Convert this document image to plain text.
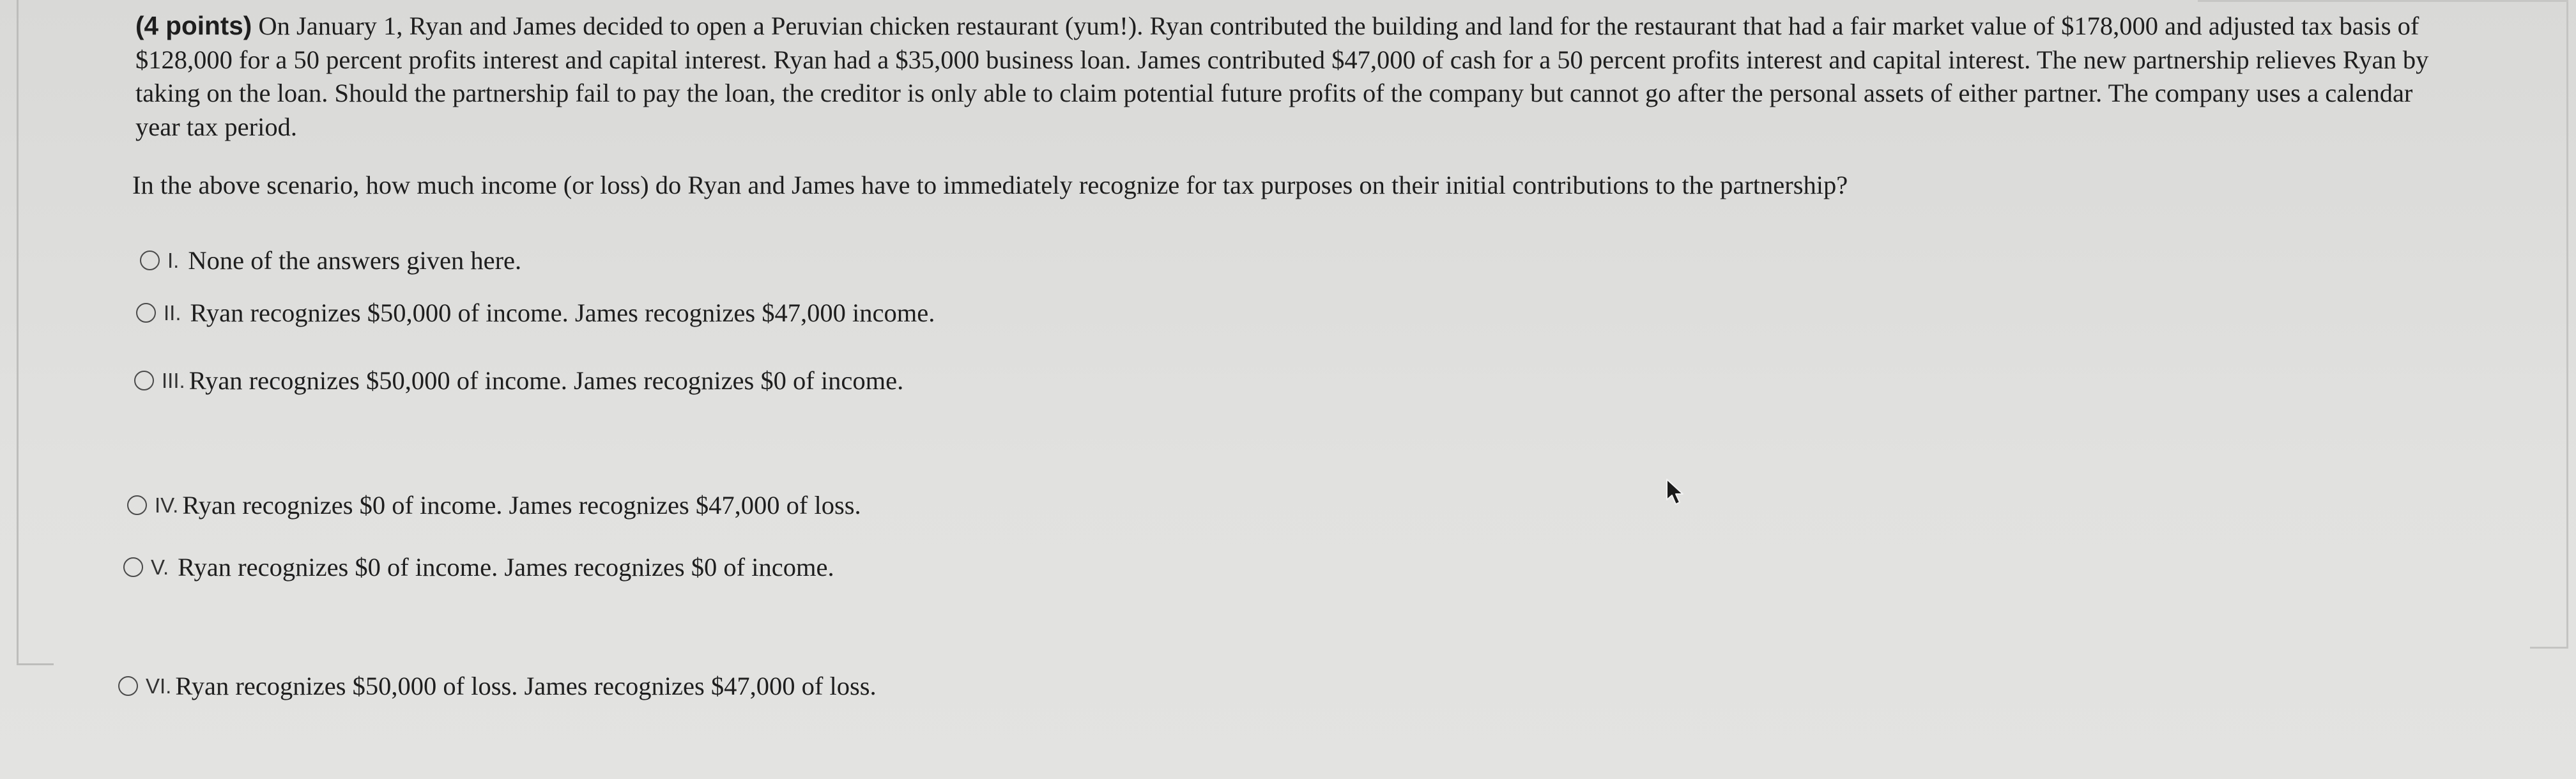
(4 points) On January 1, Ryan and James decided to open a Peruvian chicken restaurant (yum!). Ryan contributed the building and land for the restaurant that had a fair market value of $178,000 and adjusted tax basis of $128,000 for a 50 percent profits interest and capital interest. Ryan had a $35,000 business loan. James contributed $47,000 of cash for a 50 percent profits interest and capital interest. The new partnership relieves Ryan by taking on the loan. Should the partnership fail to pay the loan, the creditor is only able to claim potential future profits of the company but cannot go after the personal assets of either partner. The company uses a calendar year tax period.
In the above scenario, how much income (or loss) do Ryan and James have to immediately recognize for tax purposes on their initial contributions to the partnership?
I. None of the answers given here.
II. Ryan recognizes $50,000 of income. James recognizes $47,000 income.
III. Ryan recognizes $50,000 of income. James recognizes $0 of income.
IV. Ryan recognizes $0 of income. James recognizes $47,000 of loss.
V. Ryan recognizes $0 of income. James recognizes $0 of income.
VI. Ryan recognizes $50,000 of loss. James recognizes $47,000 of loss.
